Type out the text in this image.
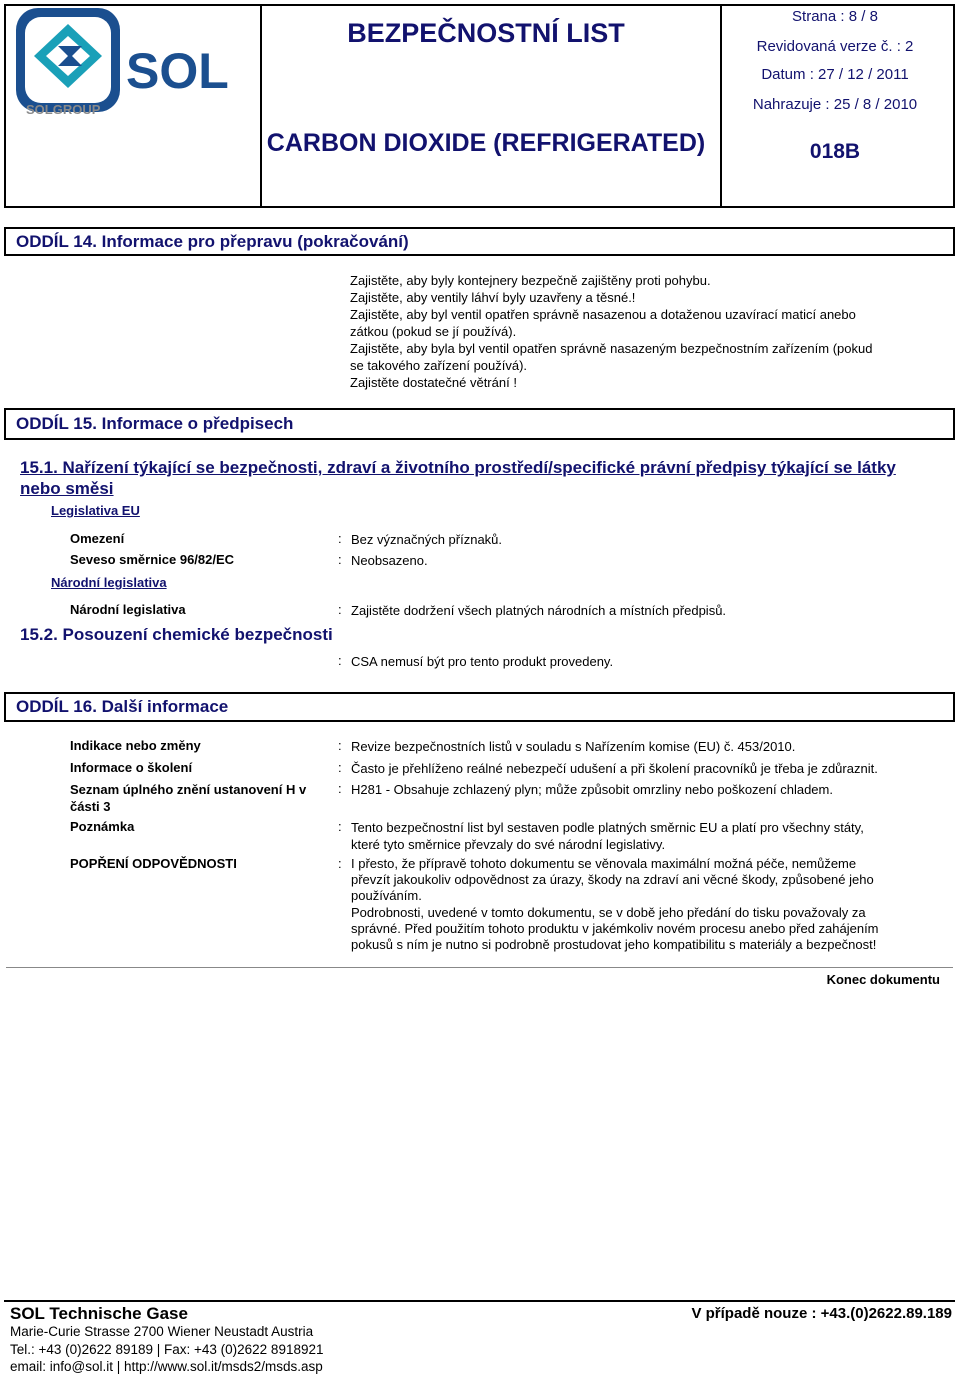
SOL
SOLGROUP
BEZPEČNOSTNÍ LIST
CARBON DIOXIDE (REFRIGERATED)
Strana : 8 / 8
Revidovaná verze č. : 2
Datum : 27 / 12 / 2011
Nahrazuje : 25 / 8 / 2010
018B
ODDÍL 14. Informace pro přepravu (pokračování)
Zajistěte, aby byly kontejnery bezpečně zajištěny proti pohybu.
Zajistěte, aby ventily láhví byly uzavřeny a těsné.!
Zajistěte, aby byl ventil opatřen správně nasazenou a dotaženou uzavírací maticí anebo
zátkou (pokud se jí používá).
Zajistěte, aby byla byl ventil opatřen správně nasazeným bezpečnostním zařízením (pokud
se takového zařízení používá).
Zajistěte dostatečné větrání !
ODDÍL 15. Informace o předpisech
15.1. Nařízení týkající se bezpečnosti, zdraví a životního prostředí/specifické právní předpisy týkající se látky
nebo směsi
Legislativa EU
Omezení	: Bez význačných příznaků.
Seveso směrnice 96/82/EC	: Neobsazeno.
Národní legislativa
Národní legislativa	: Zajistěte dodržení všech platných národních a místních předpisů.
15.2. Posouzení chemické bezpečnosti
: CSA nemusí být pro tento produkt provedeny.
ODDÍL 16. Další informace
Indikace nebo změny	: Revize bezpečnostních listů v souladu s Nařízením komise (EU) č. 453/2010.
Informace o školení	: Často je přehlíženo reálné nebezpečí udušení a při školení pracovníků je třeba je zdůraznit.
Seznam úplného znění ustanovení H v
části 3
: H281 - Obsahuje zchlazený plyn; může způsobit omrzliny nebo poškození chladem.
Poznámka	: Tento bezpečnostní list byl sestaven podle platných směrnic EU a platí pro všechny státy,
které tyto směrnice převzaly do své národní legislativy.
POPŘENÍ ODPOVĚDNOSTI	: I přesto, že přípravě tohoto dokumentu se věnovala maximální možná péče, nemůžeme
převzít jakoukoliv odpovědnost za úrazy, škody na zdraví ani věcné škody, způsobené jeho
používáním.
Podrobnosti, uvedené v tomto dokumentu, se v době jeho předání do tisku považovaly za
správné. Před použitím tohoto produktu v jakémkoliv novém procesu anebo před zahájením
pokusů s ním je nutno si podrobně prostudovat jeho kompatibilitu s materiály a bezpečnost!
Konec dokumentu
SOL Technische Gase	V případě nouze : +43.(0)2622.89.189
Marie-Curie Strasse 2700 Wiener Neustadt Austria
Tel.: +43 (0)2622 89189 | Fax: +43 (0)2622 8918921
email: info@sol.it | http://www.sol.it/msds2/msds.asp
